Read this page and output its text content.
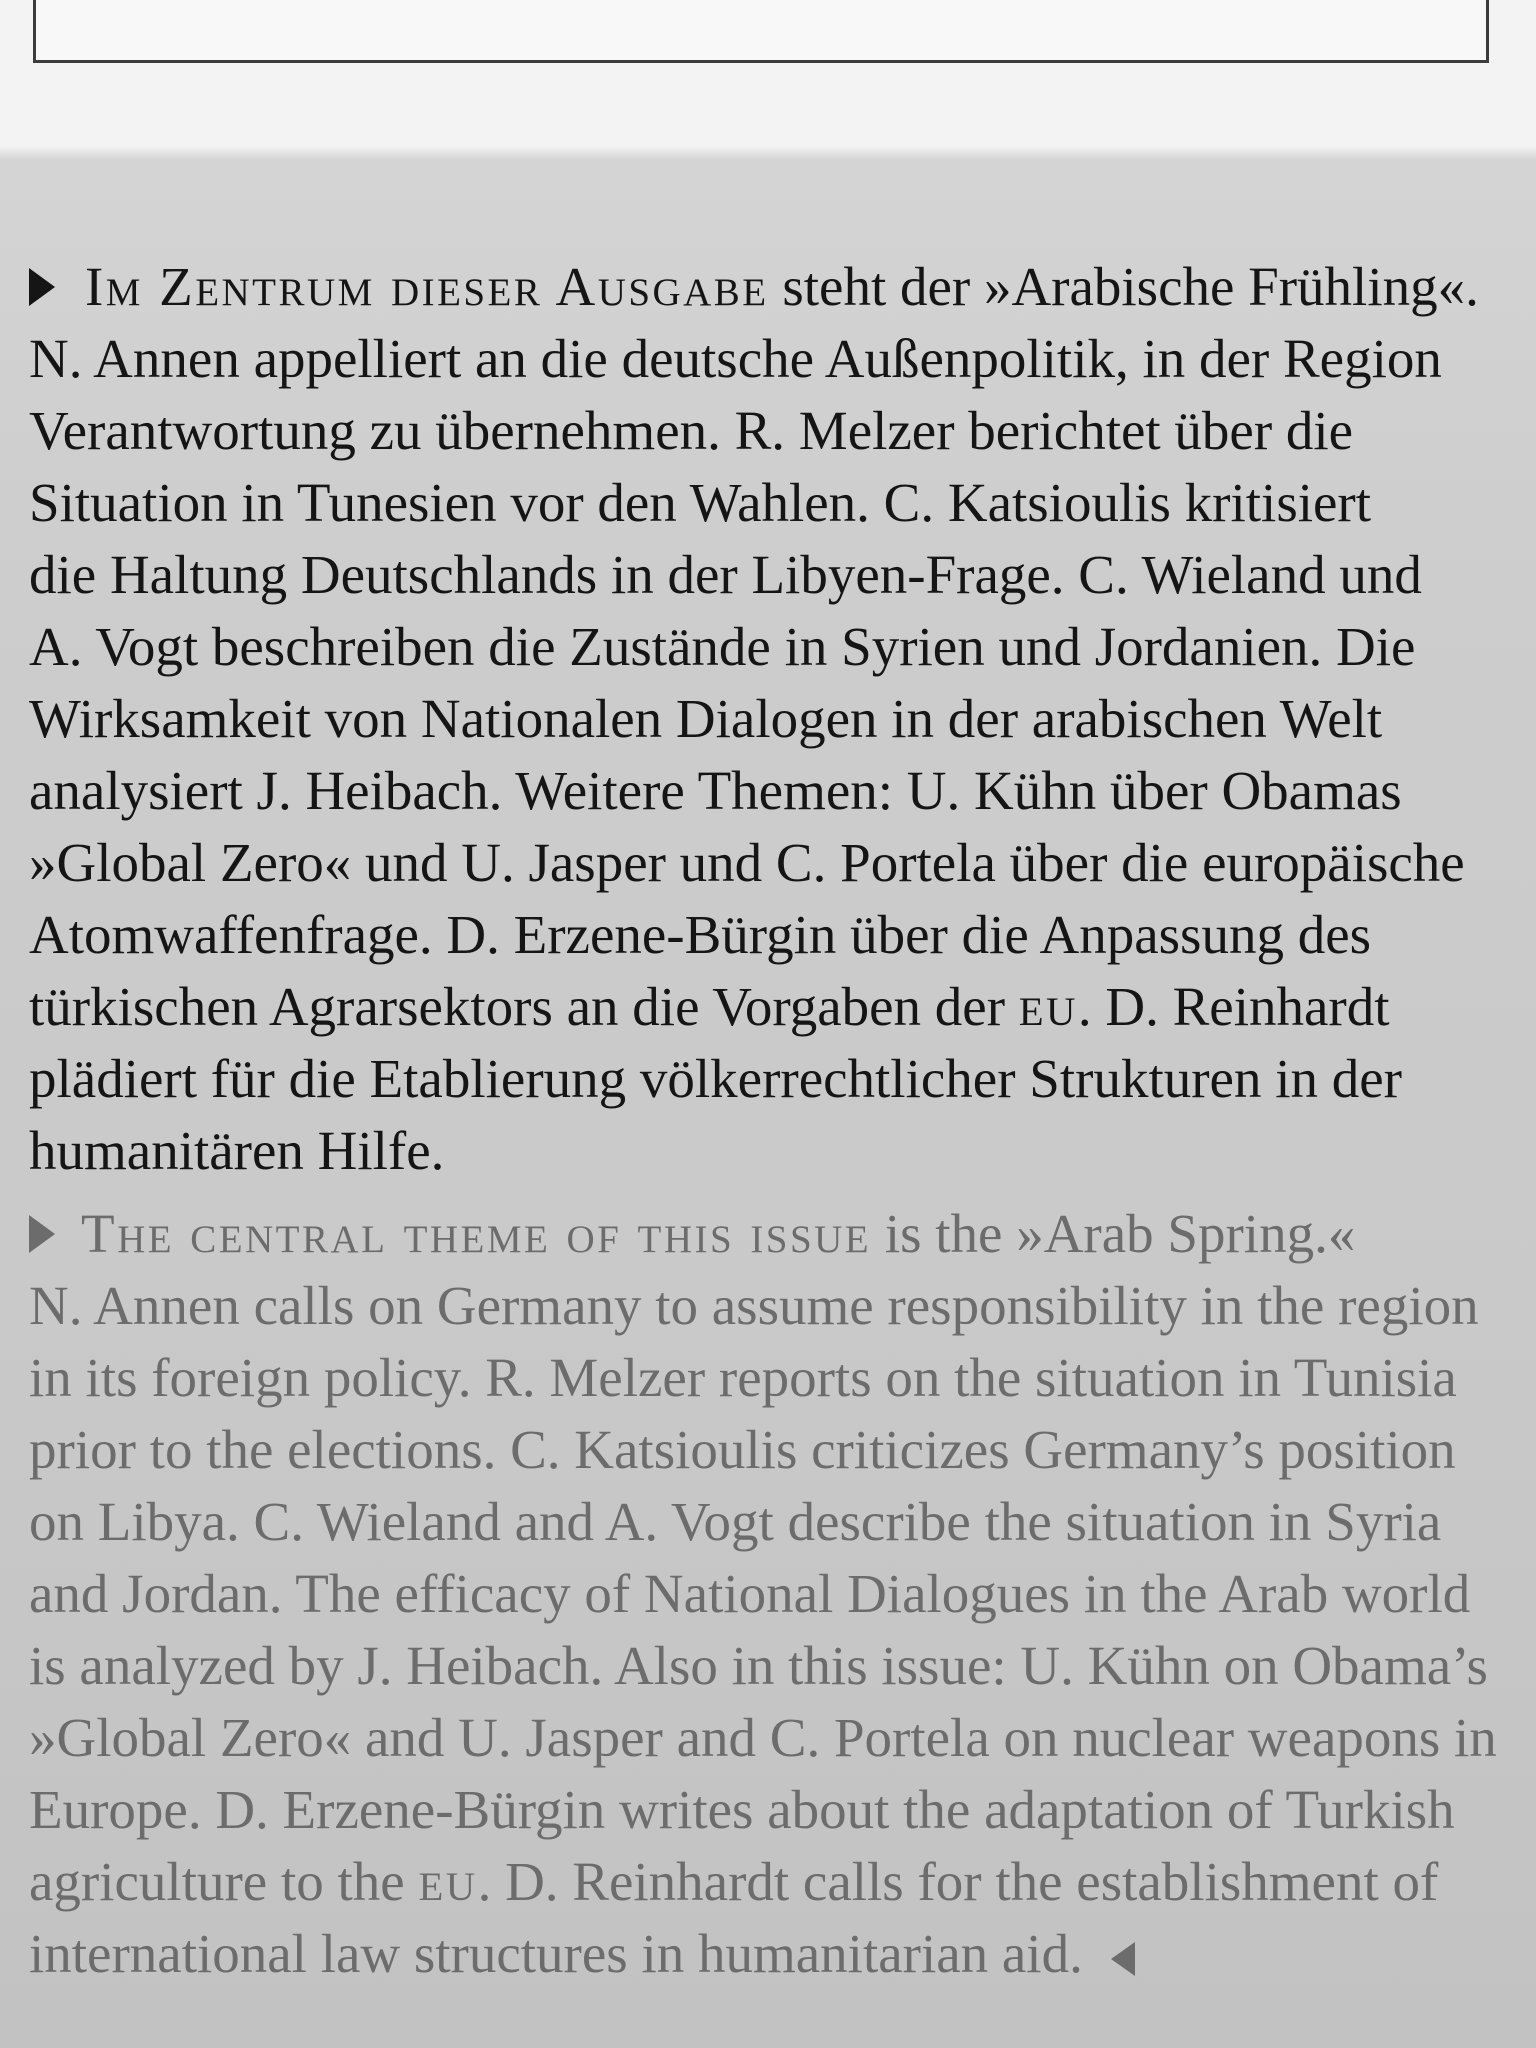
Im Zentrum dieser Ausgabe steht der »Arabische Frühling«.
N. Annen appelliert an die deutsche Außenpolitik, in der Region
Verantwortung zu übernehmen. R. Melzer berichtet über die
Situation in Tunesien vor den Wahlen. C. Katsioulis kritisiert
die Haltung Deutschlands in der Libyen-Frage. C. Wieland und
A. Vogt beschreiben die Zustände in Syrien und Jordanien. Die
Wirksamkeit von Nationalen Dialogen in der arabischen Welt
analysiert J. Heibach. Weitere Themen: U. Kühn über Obamas
»Global Zero« und U. Jasper und C. Portela über die europäische
Atomwaffenfrage. D. Erzene-Bürgin über die Anpassung des
türkischen Agrarsektors an die Vorgaben der EU. D. Reinhardt
plädiert für die Etablierung völkerrechtlicher Strukturen in der
humanitären Hilfe.
The central theme of this issue is the »Arab Spring.«
N. Annen calls on Germany to assume responsibility in the region
in its foreign policy. R. Melzer reports on the situation in Tunisia
prior to the elections. C. Katsioulis criticizes Germany’s position
on Libya. C. Wieland and A. Vogt describe the situation in Syria
and Jordan. The efficacy of National Dialogues in the Arab world
is analyzed by J. Heibach. Also in this issue: U. Kühn on Obama’s
»Global Zero« and U. Jasper and C. Portela on nuclear weapons in
Europe. D. Erzene-Bürgin writes about the adaptation of Turkish
agriculture to the EU. D. Reinhardt calls for the establishment of
international law structures in humanitarian aid.
